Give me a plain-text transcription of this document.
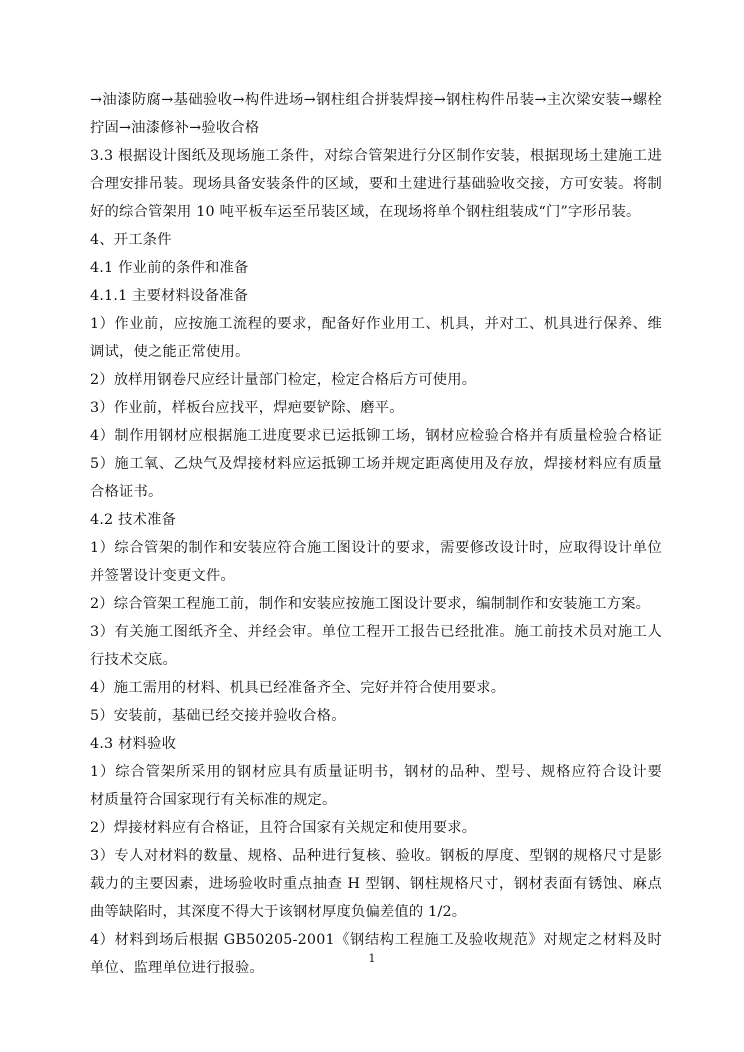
→油漆防腐→基础验收→构件进场→钢柱组合拼装焊接→钢柱构件吊装→主次梁安装→螺栓
拧固→油漆修补→验收合格
3.3 根据设计图纸及现场施工条件，对综合管架进行分区制作安装，根据现场土建施工进
合理安排吊装。现场具备安装条件的区域，要和土建进行基础验收交接，方可安装。将制
好的综合管架用 10 吨平板车运至吊装区域，在现场将单个钢柱组装成“门”字形吊装。
4、开工条件
4.1 作业前的条件和准备
4.1.1 主要材料设备准备
1）作业前，应按施工流程的要求，配备好作业用工、机具，并对工、机具进行保养、维
调试，使之能正常使用。
2）放样用钢卷尺应经计量部门检定，检定合格后方可使用。
3）作业前，样板台应找平，焊疤要铲除、磨平。
4）制作用钢材应根据施工进度要求已运抵铆工场，钢材应检验合格并有质量检验合格证
5）施工氧、乙炔气及焊接材料应运抵铆工场并规定距离使用及存放，焊接材料应有质量
合格证书。
4.2 技术准备
1）综合管架的制作和安装应符合施工图设计的要求，需要修改设计时，应取得设计单位
并签署设计变更文件。
2）综合管架工程施工前，制作和安装应按施工图设计要求，编制制作和安装施工方案。
3）有关施工图纸齐全、并经会审。单位工程开工报告已经批准。施工前技术员对施工人
行技术交底。
4）施工需用的材料、机具已经准备齐全、完好并符合使用要求。
5）安装前，基础已经交接并验收合格。
4.3 材料验收
1）综合管架所采用的钢材应具有质量证明书，钢材的品种、型号、规格应符合设计要
材质量符合国家现行有关标准的规定。
2）焊接材料应有合格证，且符合国家有关规定和使用要求。
3）专人对材料的数量、规格、品种进行复核、验收。钢板的厚度、型钢的规格尺寸是影
载力的主要因素，进场验收时重点抽查 H 型钢、钢柱规格尺寸，钢材表面有锈蚀、麻点
曲等缺陷时，其深度不得大于该钢材厚度负偏差值的 1/2。
4）材料到场后根据 GB50205-2001《钢结构工程施工及验收规范》对规定之材料及时
单位、监理单位进行报验。
1
